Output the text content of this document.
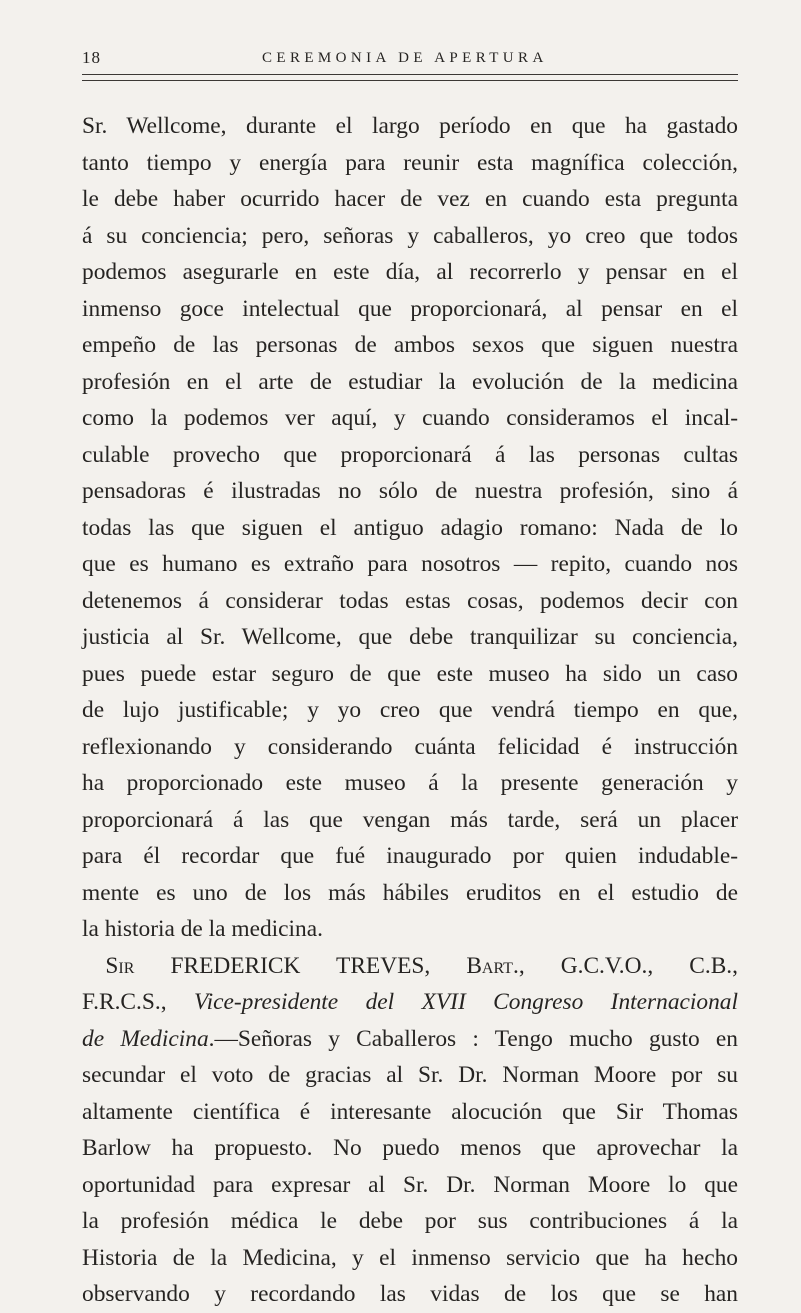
18	CEREMONIA DE APERTURA
Sr. Wellcome, durante el largo período en que ha gastado
tanto tiempo y energía para reunir esta magnífica colección,
le debe haber ocurrido hacer de vez en cuando esta pregunta
á su conciencia; pero, señoras y caballeros, yo creo que todos
podemos asegurarle en este día, al recorrerlo y pensar en el
inmenso goce intelectual que proporcionará, al pensar en el
empeño de las personas de ambos sexos que siguen nuestra
profesión en el arte de estudiar la evolución de la medicina
como la podemos ver aquí, y cuando consideramos el incal-
culable provecho que proporcionará á las personas cultas
pensadoras é ilustradas no sólo de nuestra profesión, sino á
todas las que siguen el antiguo adagio romano: Nada de lo
que es humano es extraño para nosotros — repito, cuando nos
detenemos á considerar todas estas cosas, podemos decir con
justicia al Sr. Wellcome, que debe tranquilizar su conciencia,
pues puede estar seguro de que este museo ha sido un caso
de lujo justificable; y yo creo que vendrá tiempo en que,
reflexionando y considerando cuánta felicidad é instrucción
ha proporcionado este museo á la presente generación y
proporcionará á las que vengan más tarde, será un placer
para él recordar que fué inaugurado por quien indudable-
mente es uno de los más hábiles eruditos en el estudio de
la historia de la medicina.
 Sir FREDERICK TREVES, Bart., G.C.V.O., C.B.,
F.R.C.S., Vice-presidente del XVII Congreso Internacional
de Medicina.—Señoras y Caballeros : Tengo mucho gusto en
secundar el voto de gracias al Sr. Dr. Norman Moore por su
altamente científica é interesante alocución que Sir Thomas
Barlow ha propuesto. No puedo menos que aprovechar la
oportunidad para expresar al Sr. Dr. Norman Moore lo que
la profesión médica le debe por sus contribuciones á la
Historia de la Medicina, y el inmenso servicio que ha hecho
observando y recordando las vidas de los que se han
